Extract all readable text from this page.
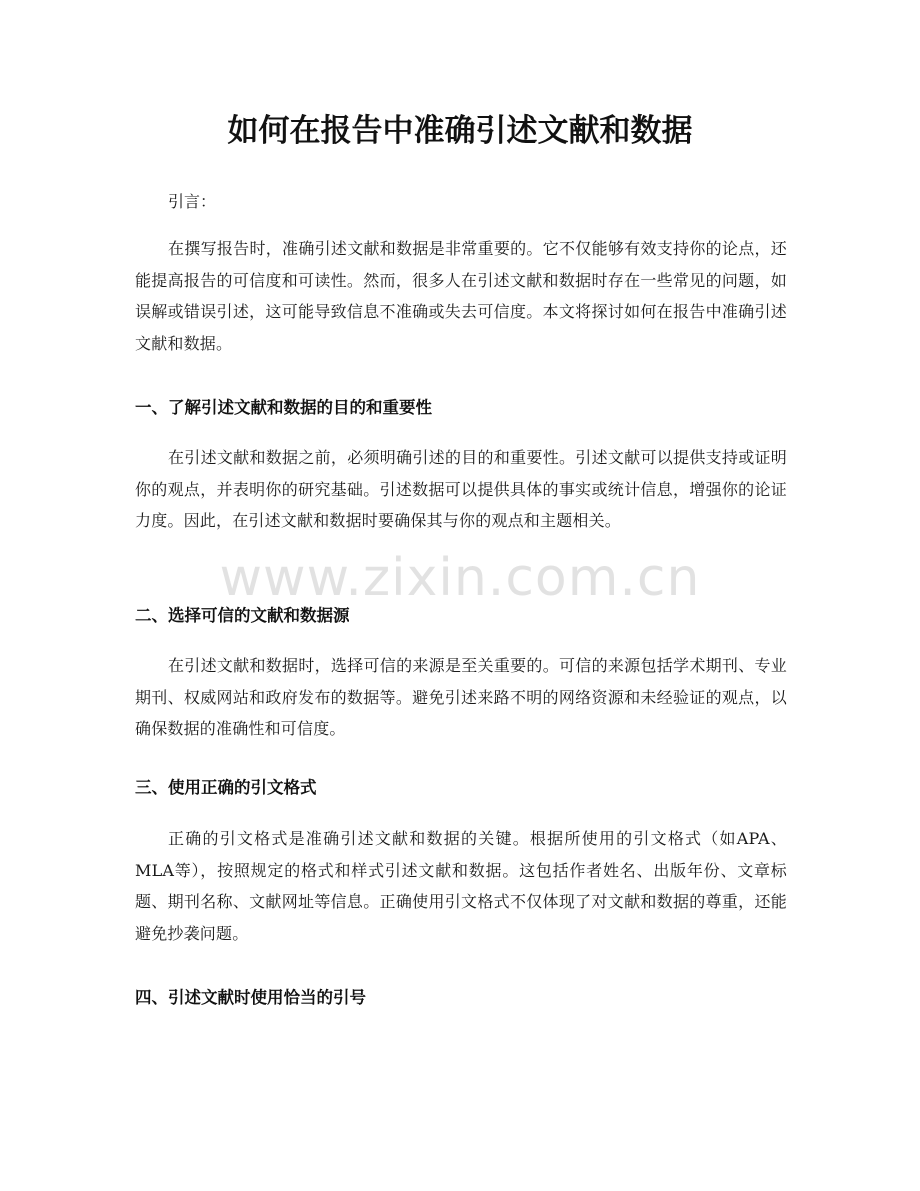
如何在报告中准确引述文献和数据

引言：

在撰写报告时，准确引述文献和数据是非常重要的。它不仅能够有效支持你的论点，还能提高报告的可信度和可读性。然而，很多人在引述文献和数据时存在一些常见的问题，如误解或错误引述，这可能导致信息不准确或失去可信度。本文将探讨如何在报告中准确引述文献和数据。

一、了解引述文献和数据的目的和重要性

在引述文献和数据之前，必须明确引述的目的和重要性。引述文献可以提供支持或证明你的观点，并表明你的研究基础。引述数据可以提供具体的事实或统计信息，增强你的论证力度。因此，在引述文献和数据时要确保其与你的观点和主题相关。

二、选择可信的文献和数据源

在引述文献和数据时，选择可信的来源是至关重要的。可信的来源包括学术期刊、专业期刊、权威网站和政府发布的数据等。避免引述来路不明的网络资源和未经验证的观点，以确保数据的准确性和可信度。

三、使用正确的引文格式

正确的引文格式是准确引述文献和数据的关键。根据所使用的引文格式（如APA、MLA等），按照规定的格式和样式引述文献和数据。这包括作者姓名、出版年份、文章标题、期刊名称、文献网址等信息。正确使用引文格式不仅体现了对文献和数据的尊重，还能避免抄袭问题。

四、引述文献时使用恰当的引号
www.zixin.com.cn
